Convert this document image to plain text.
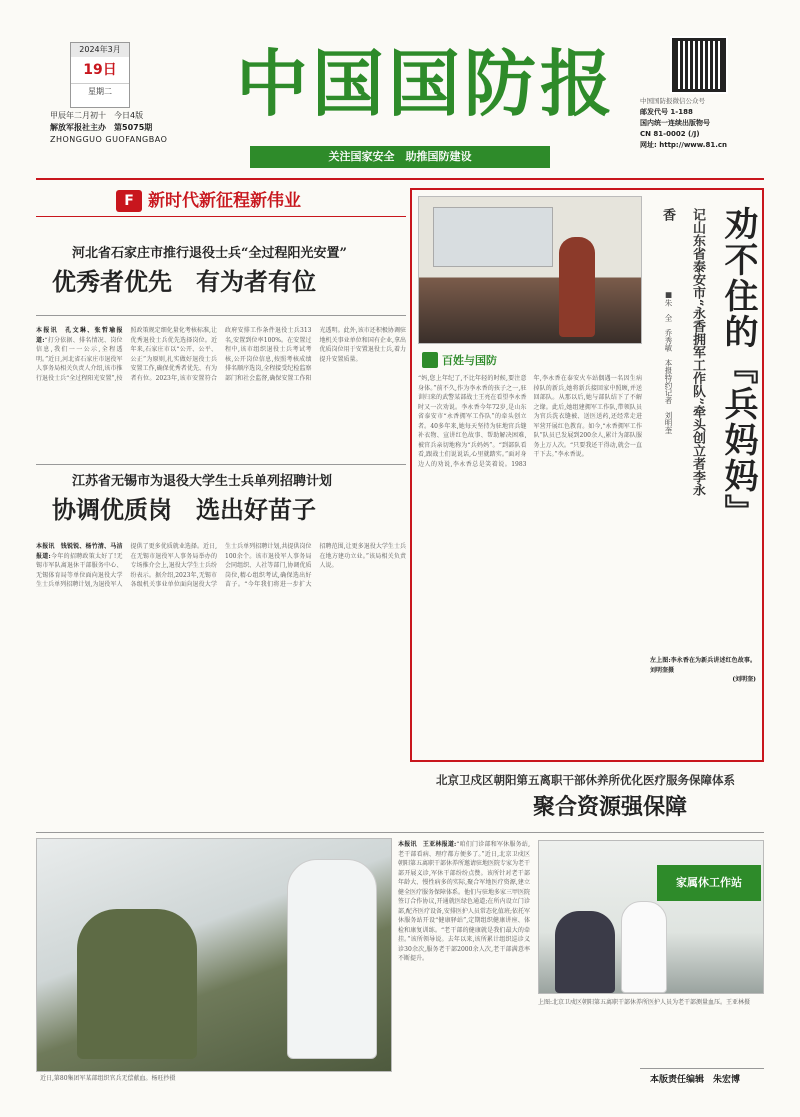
2024年3月
19日
星期二
甲辰年二月初十　 今日4版
解放军报社主办　 第5075期
ZHONGGUO GUOFANGBAO
中国国防报
关注国家安全　助推国防建设
中国国防报微信公众号
邮发代号 1-188
国内统一连续出版物号
CN 81-0002 (/J)
网址: http://www.81.cn
F 新时代新征程新伟业
河北省石家庄市推行退役士兵“全过程阳光安置”
优秀者优先　有为者有位
本报讯　孔文琳、张哲瑜报道:“打分依据、排名情况、岗位信息,我们一一公示,全程透明。”近日,河北省石家庄市退役军人事务局相关负责人介绍,该市推行退役士兵“全过程阳光安置”,按照政策规定细化量化考核标准,让优秀退役士兵优先选择岗位。近年来,石家庄市以“公开、公平、公正”为原则,扎实做好退役士兵安置工作,确保优秀者优先、有为者有位。2023年,该市安置符合政府安排工作条件退役士兵313名,安置到位率100%。在安置过程中,该市组织退役士兵考试考核,公开岗位信息,按照考核成绩排名顺序选岗,全程接受纪检监察部门和社会监督,确保安置工作阳光透明。此外,该市还积极协调驻地机关事业单位和国有企业,拿出优质岗位用于安置退役士兵,着力提升安置质量。
江苏省无锡市为退役大学生士兵单列招聘计划
协调优质岗　选出好苗子
本报讯　钱锐锐、杨竹清、马洁报道:今年的招聘政策太好了!无锡市军队离退休干部服务中心、无锡体育局等单位面向退役大学生士兵单列招聘计划,为退役军人提供了更多优质就业选择。近日,在无锡市退役军人事务局举办的专场推介会上,退役大学生士兵纷纷表示。据介绍,2023年,无锡市各级机关事业单位面向退役大学生士兵单列招聘计划,共提供岗位100余个。该市退役军人事务局会同组织、人社等部门,协调优质岗位,精心组织考试,确保选出好苗子。“今年我们将进一步扩大招聘范围,让更多退役大学生士兵在地方建功立业。”该局相关负责人说。
百姓与国防
“妈,您上年纪了,不比年轻的时候,要注意身体。”前不久,作为李永香的孩子之一,驻训归来的武警某部战士王亮在看望李永香时又一次劝说。李永香今年72岁,是山东省泰安市“永香拥军工作队”的牵头创立者。40多年来,她每天坚持为驻地官兵缝补衣物、宣讲红色故事、帮助解决困难,被官兵亲切地称为“兵妈妈”。“到部队看看,跟战士们说说话,心里就踏实。”面对身边人的劝说,李永香总是笑着说。1983年,李永香在泰安火车站偶遇一名因生病掉队的新兵,她将新兵接回家中照顾,并送回部队。从那以后,她与部队结下了不解之缘。此后,她组建拥军工作队,带领队员为官兵洗衣缝被、送医送药,还经常走进军营开展红色教育。如今,“永香拥军工作队”队员已发展到200余人,累计为部队服务上万人次。“只要我还干得动,就会一直干下去。”李永香说。	劝不住的『兵妈妈』
记山东省泰安市“永香拥军工作队”牵头创立者李永香
■朱　全　乔秀敏　本报特约记者　刘明奎
左上图:李永香在为新兵讲述红色故事。刘明奎摄
(刘明奎)
北京卫戍区朝阳第五离职干部休养所优化医疗服务保障体系
聚合资源强保障
近日,第80集团军某部组织官兵无偿献血。杨旺抄摄
本报讯　王亚林报道:“咱们门诊部和军休服务站,老干部看病、理疗都方便多了。”近日,北京卫戍区朝阳第五离职干部休养所邀请驻地医院专家为老干部开展义诊,军休干部纷纷点赞。该所针对老干部年龄大、慢性病多的实际,聚合军地医疗资源,建立健全医疗服务保障体系。他们与驻地多家三甲医院签订合作协议,开通就医绿色通道;在所内设立门诊部,配齐医疗设备,安排医护人员常态化值班;依托军休服务站开设“健康驿站”,定期组织健康讲座、体检和康复训练。“老干部的健康就是我们最大的牵挂。”该所领导说。去年以来,该所累计组织巡诊义诊30余次,服务老干部2000余人次,老干部满意率不断提升。
家属休工作站
上图:北京卫戍区朝阳第五离职干部休养所医护人员为老干部测量血压。王亚林摄
本版责任编辑　朱宏博
